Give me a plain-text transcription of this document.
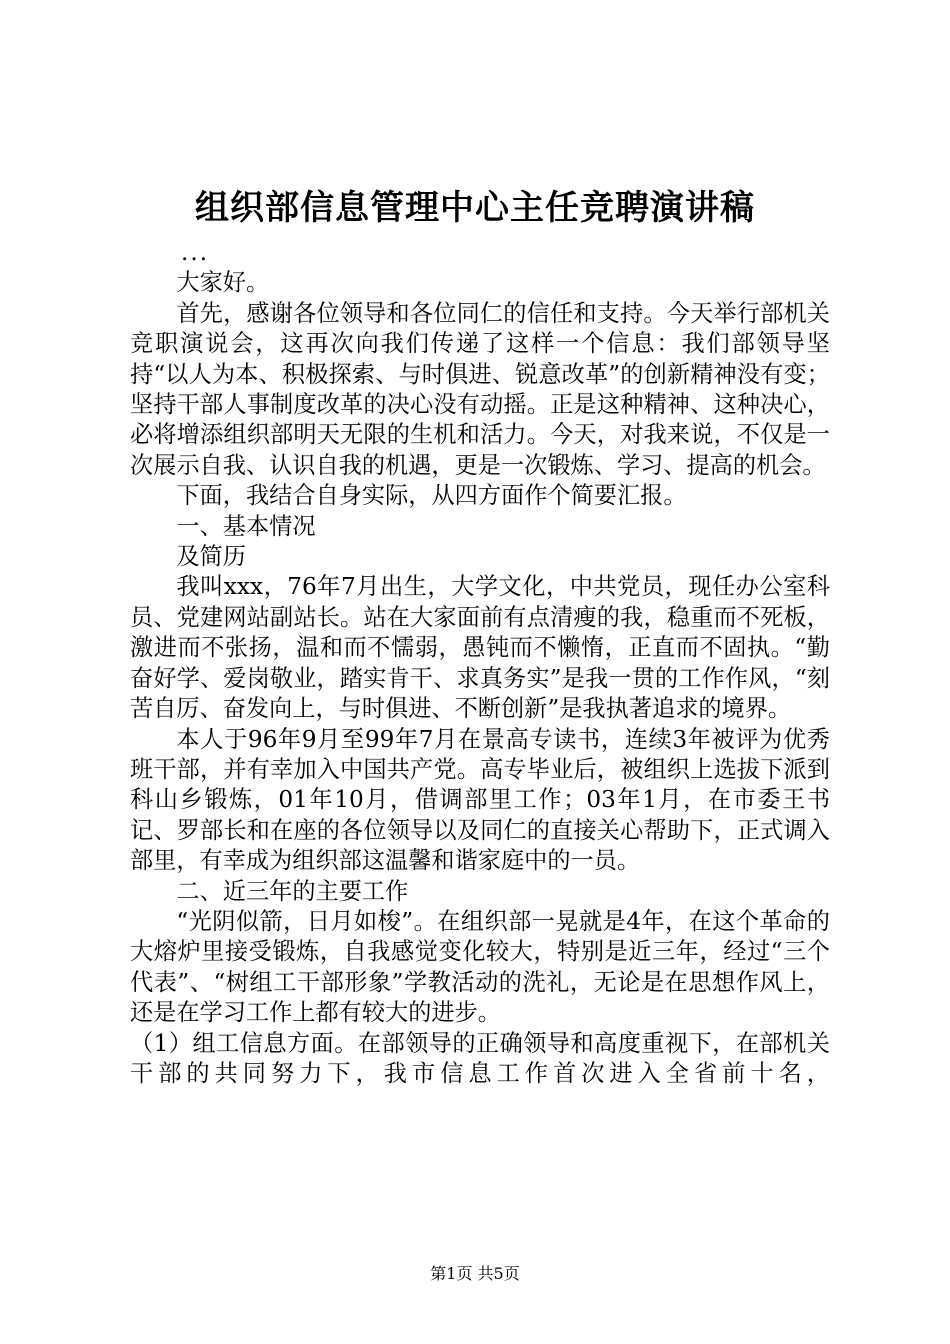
组织部信息管理中心主任竞聘演讲稿

...

大家好。

首先，感谢各位领导和各位同仁的信任和支持。今天举行部机关竞职演说会，这再次向我们传递了这样一个信息：我们部领导坚持“以人为本、积极探索、与时俱进、锐意改革”的创新精神没有变；坚持干部人事制度改革的决心没有动摇。正是这种精神、这种决心，必将增添组织部明天无限的生机和活力。今天，对我来说，不仅是一次展示自我、认识自我的机遇，更是一次锻炼、学习、提高的机会。

下面，我结合自身实际，从四方面作个简要汇报。

一、基本情况

及简历

我叫xxx，76年7月出生，大学文化，中共党员，现任办公室科员、党建网站副站长。站在大家面前有点清瘦的我，稳重而不死板，激进而不张扬，温和而不懦弱，愚钝而不懒惰，正直而不固执。“勤奋好学、爱岗敬业，踏实肯干、求真务实”是我一贯的工作作风，“刻苦自厉、奋发向上，与时俱进、不断创新”是我执著追求的境界。

本人于96年9月至99年7月在景高专读书，连续3年被评为优秀班干部，并有幸加入中国共产党。高专毕业后，被组织上选拔下派到科山乡锻炼，01年10月，借调部里工作；03年1月，在市委王书记、罗部长和在座的各位领导以及同仁的直接关心帮助下，正式调入部里，有幸成为组织部这温馨和谐家庭中的一员。

二、近三年的主要工作

“光阴似箭，日月如梭”。在组织部一晃就是4年，在这个革命的大熔炉里接受锻炼，自我感觉变化较大，特别是近三年，经过“三个代表”、“树组工干部形象”学教活动的洗礼，无论是在思想作风上，还是在学习工作上都有较大的进步。

（1）组工信息方面。在部领导的正确领导和高度重视下，在部机关干部的共同努力下，我市信息工作首次进入全省前十名，

第1页 共5页
